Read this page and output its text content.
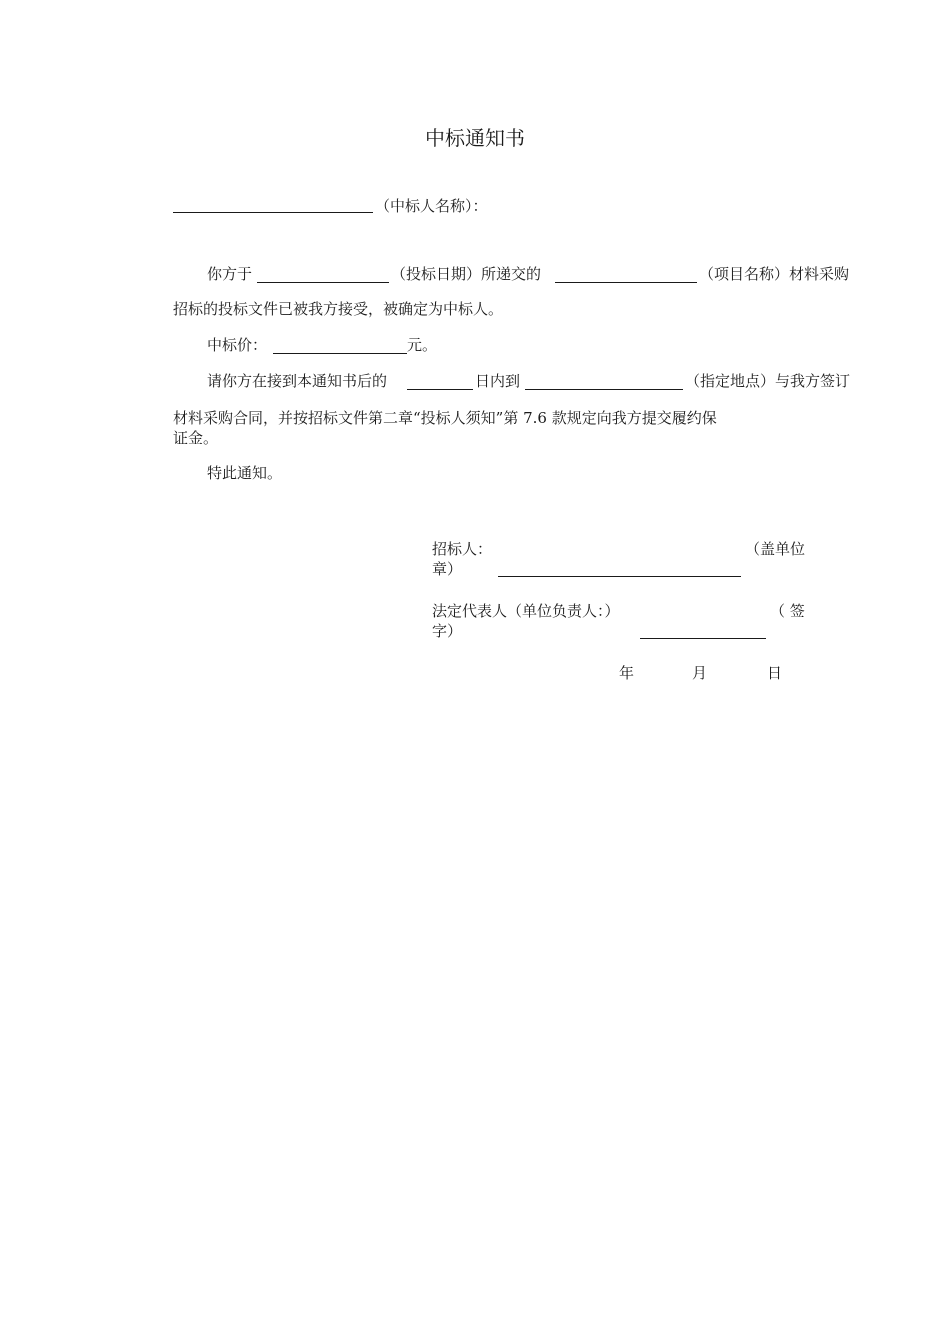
中标通知书
（中标人名称）：
你方于	（投标日期）所递交的	（项目名称）材料采购
招标的投标文件已被我方接受，被确定为中标人。
中标价：	元。
请你方在接到本通知书后的	日内到	（指定地点）与我方签订
材料采购合同，并按招标文件第二章“投标人须知”第 7.6 款规定向我方提交履约保
证金。
特此通知。
招标人：	（盖单位
章）
法定代表人（单位负责人：）	（ 签
字）
年	月	日
